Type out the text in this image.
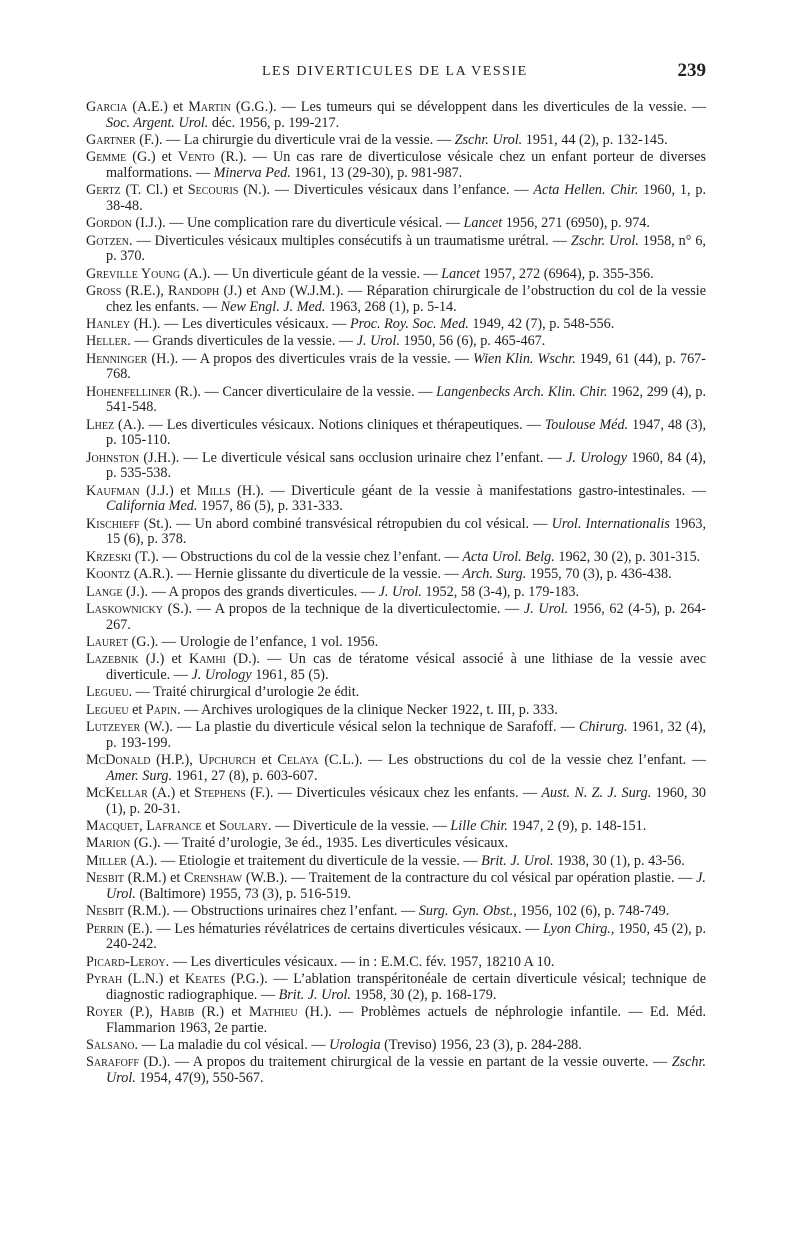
LES DIVERTICULES DE LA VESSIE	239
Garcia (A.E.) et Martin (G.G.). — Les tumeurs qui se développent dans les diverticules de la vessie. — Soc. Argent. Urol. déc. 1956, p. 199-217.
Gartner (F.). — La chirurgie du diverticule vrai de la vessie. — Zschr. Urol. 1951, 44 (2), p. 132-145.
Gemme (G.) et Vento (R.). — Un cas rare de diverticulose vésicale chez un enfant porteur de diverses malformations. — Minerva Ped. 1961, 13 (29-30), p. 981-987.
Gertz (T. Cl.) et Secouris (N.). — Diverticules vésicaux dans l’enfance. — Acta Hellen. Chir. 1960, 1, p. 38-48.
Gordon (I.J.). — Une complication rare du diverticule vésical. — Lancet 1956, 271 (6950), p. 974.
Gotzen. — Diverticules vésicaux multiples consécutifs à un traumatisme urétral. — Zschr. Urol. 1958, n° 6, p. 370.
Greville Young (A.). — Un diverticule géant de la vessie. — Lancet 1957, 272 (6964), p. 355-356.
Gross (R.E.), Randoph (J.) et And (W.J.M.). — Réparation chirurgicale de l’obstruction du col de la vessie chez les enfants. — New Engl. J. Med. 1963, 268 (1), p. 5-14.
Hanley (H.). — Les diverticules vésicaux. — Proc. Roy. Soc. Med. 1949, 42 (7), p. 548-556.
Heller. — Grands diverticules de la vessie. — J. Urol. 1950, 56 (6), p. 465-467.
Henninger (H.). — A propos des diverticules vrais de la vessie. — Wien Klin. Wschr. 1949, 61 (44), p. 767-768.
Hohenfelliner (R.). — Cancer diverticulaire de la vessie. — Langenbecks Arch. Klin. Chir. 1962, 299 (4), p. 541-548.
Lhez (A.). — Les diverticules vésicaux. Notions cliniques et thérapeutiques. — Toulouse Méd. 1947, 48 (3), p. 105-110.
Johnston (J.H.). — Le diverticule vésical sans occlusion urinaire chez l’enfant. — J. Urology 1960, 84 (4), p. 535-538.
Kaufman (J.J.) et Mills (H.). — Diverticule géant de la vessie à manifestations gastro-intestinales. — California Med. 1957, 86 (5), p. 331-333.
Kischieff (St.). — Un abord combiné transvésical rétropubien du col vésical. — Urol. Internationalis 1963, 15 (6), p. 378.
Krzeski (T.). — Obstructions du col de la vessie chez l’enfant. — Acta Urol. Belg. 1962, 30 (2), p. 301-315.
Koontz (A.R.). — Hernie glissante du diverticule de la vessie. — Arch. Surg. 1955, 70 (3), p. 436-438.
Lange (J.). — A propos des grands diverticules. — J. Urol. 1952, 58 (3-4), p. 179-183.
Laskownicky (S.). — A propos de la technique de la diverticulectomie. — J. Urol. 1956, 62 (4-5), p. 264-267.
Lauret (G.). — Urologie de l’enfance, 1 vol. 1956.
Lazebnik (J.) et Kamhi (D.). — Un cas de tératome vésical associé à une lithiase de la vessie avec diverticule. — J. Urology 1961, 85 (5).
Legueu. — Traité chirurgical d’urologie 2e édit.
Legueu et Papin. — Archives urologiques de la clinique Necker 1922, t. III, p. 333.
Lutzeyer (W.). — La plastie du diverticule vésical selon la technique de Sarafoff. — Chirurg. 1961, 32 (4), p. 193-199.
McDonald (H.P.), Upchurch et Celaya (C.L.). — Les obstructions du col de la vessie chez l’enfant. — Amer. Surg. 1961, 27 (8), p. 603-607.
McKellar (A.) et Stephens (F.). — Diverticules vésicaux chez les enfants. — Aust. N. Z. J. Surg. 1960, 30 (1), p. 20-31.
Macquet, Lafrance et Soulary. — Diverticule de la vessie. — Lille Chir. 1947, 2 (9), p. 148-151.
Marion (G.). — Traité d’urologie, 3e éd., 1935. Les diverticules vésicaux.
Miller (A.). — Etiologie et traitement du diverticule de la vessie. — Brit. J. Urol. 1938, 30 (1), p. 43-56.
Nesbit (R.M.) et Crenshaw (W.B.). — Traitement de la contracture du col vésical par opération plastie. — J. Urol. (Baltimore) 1955, 73 (3), p. 516-519.
Nesbit (R.M.). — Obstructions urinaires chez l’enfant. — Surg. Gyn. Obst., 1956, 102 (6), p. 748-749.
Perrin (E.). — Les hématuries révélatrices de certains diverticules vésicaux. — Lyon Chirg., 1950, 45 (2), p. 240-242.
Picard-Leroy. — Les diverticules vésicaux. — in : E.M.C. fév. 1957, 18210 A 10.
Pyrah (L.N.) et Keates (P.G.). — L’ablation transpéritonéale de certain diverticule vésical; technique de diagnostic radiographique. — Brit. J. Urol. 1958, 30 (2), p. 168-179.
Royer (P.), Habib (R.) et Mathieu (H.). — Problèmes actuels de néphrologie infantile. — Ed. Méd. Flammarion 1963, 2e partie.
Salsano. — La maladie du col vésical. — Urologia (Treviso) 1956, 23 (3), p. 284-288.
Sarafoff (D.). — A propos du traitement chirurgical de la vessie en partant de la vessie ouverte. — Zschr. Urol. 1954, 47(9), 550-567.
